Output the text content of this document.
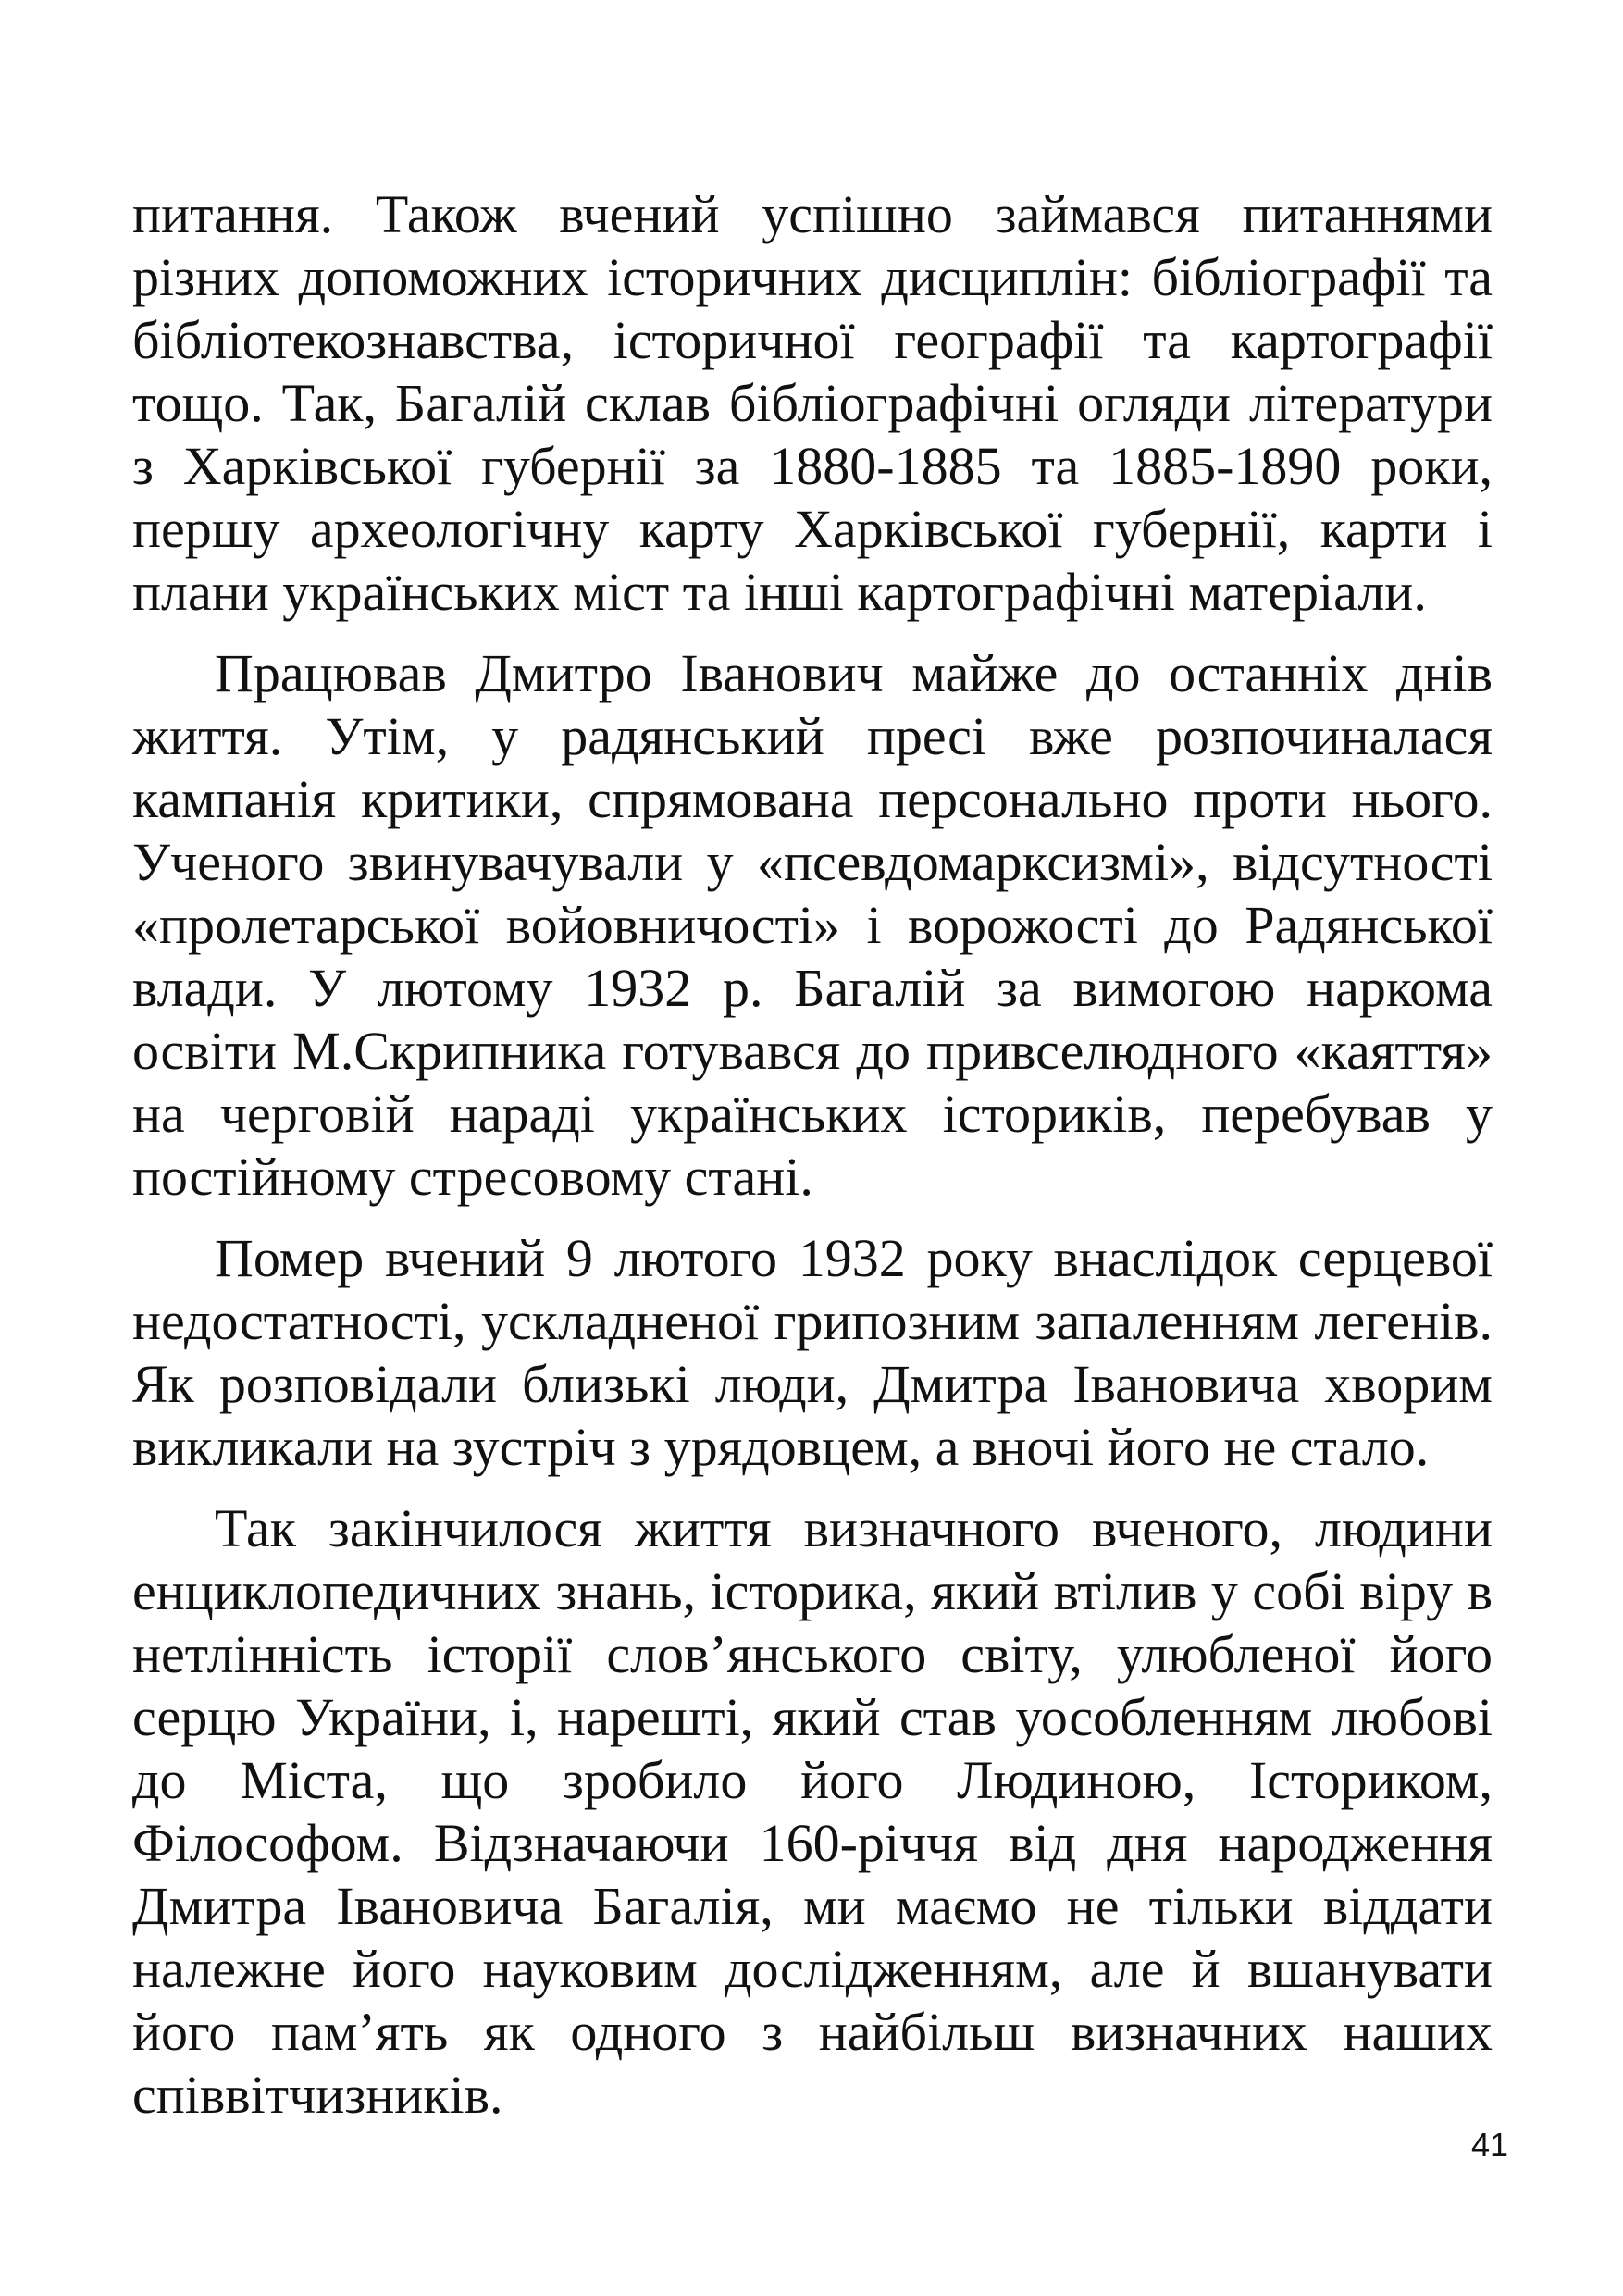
питання. Також вчений успішно займався питаннями різних допоможних історичних дисциплін: бібліографії та бібліотекознавства, історичної географії та картографії тощо. Так, Багалій склав бібліографічні огляди літератури з Харківської губернії за 1880-1885 та 1885-1890 роки, першу археологічну карту Харківської губернії, карти і плани українських міст та інші картографічні матеріали.

Працював Дмитро Іванович майже до останніх днів життя. Утім, у радянський пресі вже розпочиналася кампанія критики, спрямована персонально проти нього. Ученого звинувачували у «псевдомарксизмі», відсутності «пролетарської войовничості» і ворожості до Радянської влади. У лютому 1932 р. Багалій за вимогою наркома освіти М.Скрипника готувався до привселюдного «каяття» на черговій нараді українських істориків, перебував у постійному стресовому стані.

Помер вчений 9 лютого 1932 року внаслідок серцевої недостатності, ускладненої грипозним запаленням легенів. Як розповідали близькі люди, Дмитра Івановича хворим викликали на зустріч з урядовцем, а вночі його не стало.

Так закінчилося життя визначного вченого, людини енциклопедичних знань, історика, який втілив у собі віру в нетлінність історії слов’янського світу, улюбленої його серцю України, і, нарешті, який став уособленням любові до Міста, що зробило його Людиною, Істориком, Філософом. Відзначаючи 160-річчя від дня народження Дмитра Івановича Багалія, ми маємо не тільки віддати належне його науковим дослідженням, але й вшанувати його пам’ять як одного з найбільш визначних наших співвітчизників.

41
